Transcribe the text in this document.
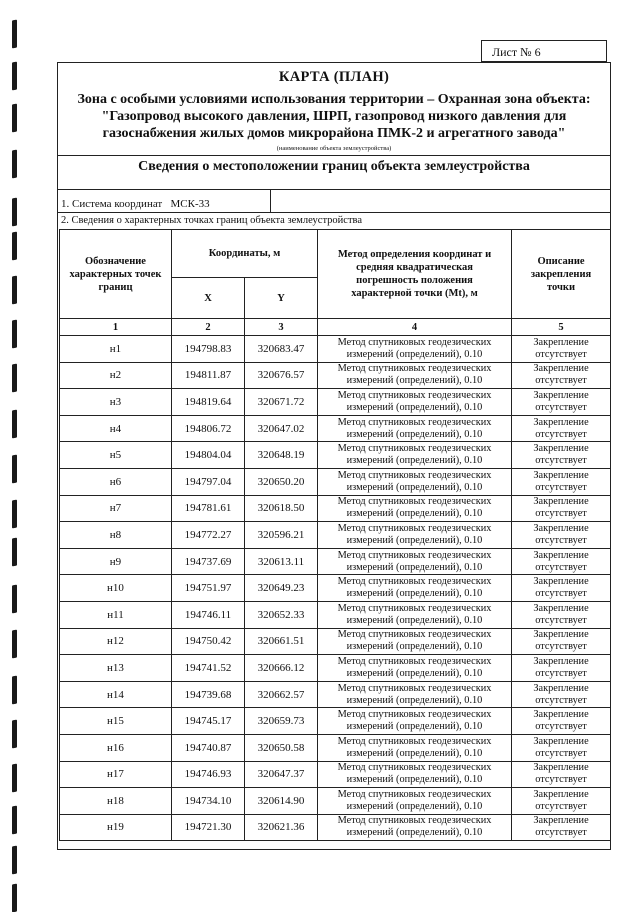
Лист № 6
КАРТА (ПЛАН)
Зона с особыми условиями использования территории – Охранная зона объекта:
"Газопровод высокого давления, ШРП, газопровод низкого давления для
газоснабжения жилых домов микрорайона ПМК-2 и агрегатного завода"
(наименование объекта землеустройства)
Сведения о местоположении границ объекта землеустройства
1. Система координат МСК-33
2. Сведения о характерных точках границ объекта землеустройства
Обозначение характерных точек границ	Координаты, м		Метод определения координат и средняя квадратическая погрешность положения характерной точки (Mt), м	Описание закрепления точки
	X	Y		
1	2	3	4	5
н1	194798.83	320683.47	Метод спутниковых геодезических измерений (определений), 0.10	Закрепление отсутствует
н2	194811.87	320676.57	Метод спутниковых геодезических измерений (определений), 0.10	Закрепление отсутствует
н3	194819.64	320671.72	Метод спутниковых геодезических измерений (определений), 0.10	Закрепление отсутствует
н4	194806.72	320647.02	Метод спутниковых геодезических измерений (определений), 0.10	Закрепление отсутствует
н5	194804.04	320648.19	Метод спутниковых геодезических измерений (определений), 0.10	Закрепление отсутствует
н6	194797.04	320650.20	Метод спутниковых геодезических измерений (определений), 0.10	Закрепление отсутствует
н7	194781.61	320618.50	Метод спутниковых геодезических измерений (определений), 0.10	Закрепление отсутствует
н8	194772.27	320596.21	Метод спутниковых геодезических измерений (определений), 0.10	Закрепление отсутствует
н9	194737.69	320613.11	Метод спутниковых геодезических измерений (определений), 0.10	Закрепление отсутствует
н10	194751.97	320649.23	Метод спутниковых геодезических измерений (определений), 0.10	Закрепление отсутствует
н11	194746.11	320652.33	Метод спутниковых геодезических измерений (определений), 0.10	Закрепление отсутствует
н12	194750.42	320661.51	Метод спутниковых геодезических измерений (определений), 0.10	Закрепление отсутствует
н13	194741.52	320666.12	Метод спутниковых геодезических измерений (определений), 0.10	Закрепление отсутствует
н14	194739.68	320662.57	Метод спутниковых геодезических измерений (определений), 0.10	Закрепление отсутствует
н15	194745.17	320659.73	Метод спутниковых геодезических измерений (определений), 0.10	Закрепление отсутствует
н16	194740.87	320650.58	Метод спутниковых геодезических измерений (определений), 0.10	Закрепление отсутствует
н17	194746.93	320647.37	Метод спутниковых геодезических измерений (определений), 0.10	Закрепление отсутствует
н18	194734.10	320614.90	Метод спутниковых геодезических измерений (определений), 0.10	Закрепление отсутствует
н19	194721.30	320621.36	Метод спутниковых геодезических измерений (определений), 0.10	Закрепление отсутствует
